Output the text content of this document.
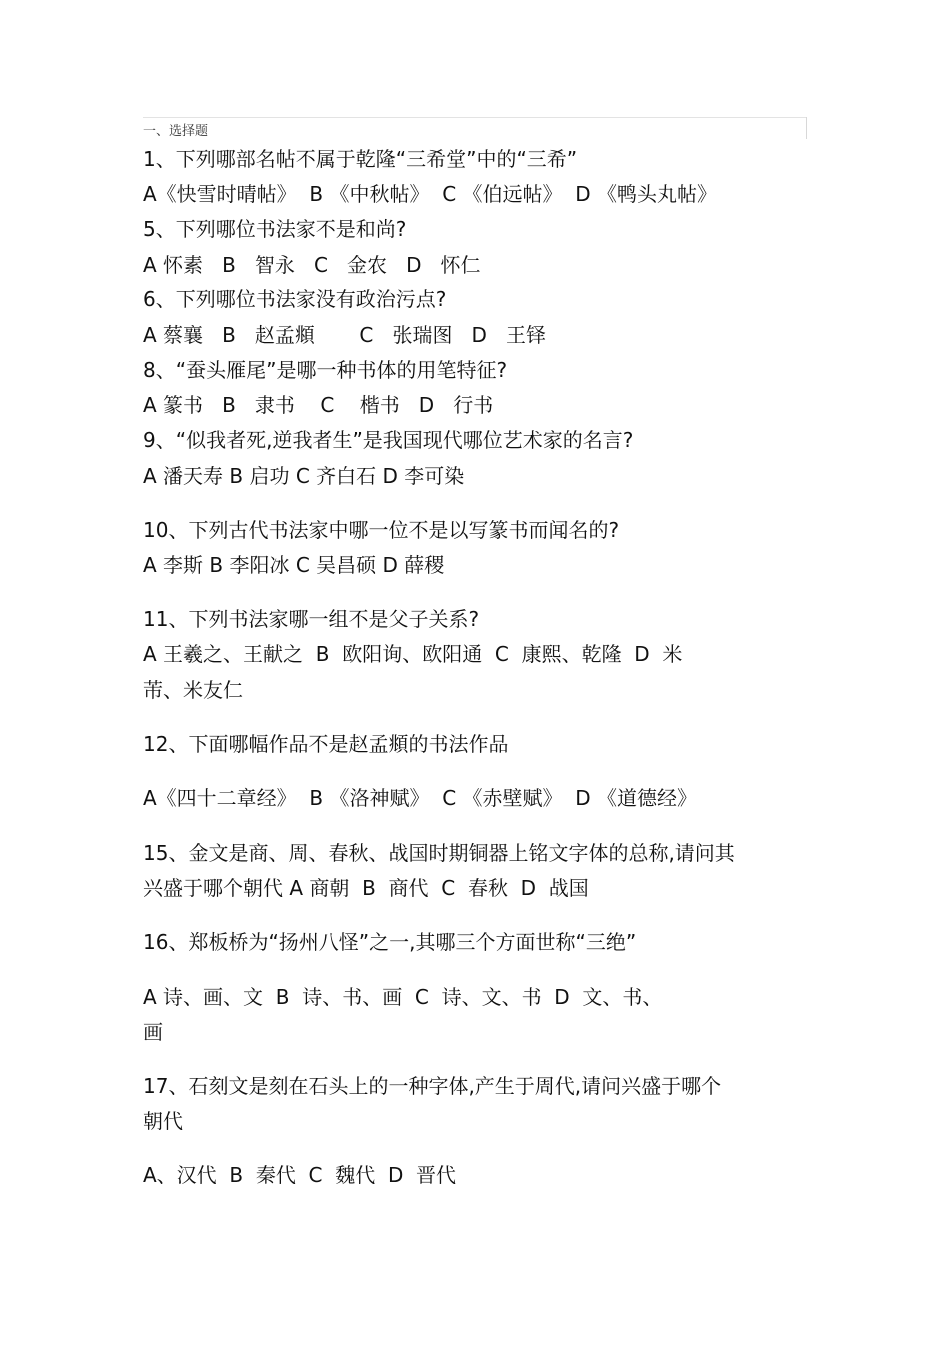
一、选择题
1、下列哪部名帖不属于乾隆“三希堂”中的“三希”
A《快雪时晴帖》  B 《中秋帖》  C 《伯远帖》  D 《鸭头丸帖》
5、下列哪位书法家不是和尚?
A 怀素   B   智永   C   金农   D   怀仁
6、下列哪位书法家没有政治污点?
A 蔡襄   B   赵孟頫       C   张瑞图   D   王铎
8、“蚕头雁尾”是哪一种书体的用笔特征?
A 篆书   B   隶书    C    楷书   D   行书
9、“似我者死,逆我者生”是我国现代哪位艺术家的名言?
A 潘天寿 B 启功 C 齐白石 D 李可染
10、下列古代书法家中哪一位不是以写篆书而闻名的?
A 李斯 B 李阳冰 C 吴昌硕 D 薛稷
11、下列书法家哪一组不是父子关系?
A 王羲之、王献之  B  欧阳询、欧阳通  C  康熙、乾隆  D  米
芾、米友仁
12、下面哪幅作品不是赵孟頫的书法作品
A《四十二章经》  B 《洛神赋》  C 《赤壁赋》  D 《道德经》
15、金文是商、周、春秋、战国时期铜器上铭文字体的总称,请问其
兴盛于哪个朝代 A 商朝  B  商代  C  春秋  D  战国
16、郑板桥为“扬州八怪”之一,其哪三个方面世称“三绝”
A 诗、画、文  B  诗、书、画  C  诗、文、书  D  文、书、
画
17、石刻文是刻在石头上的一种字体,产生于周代,请问兴盛于哪个
朝代
A、汉代  B  秦代  C  魏代  D  晋代
